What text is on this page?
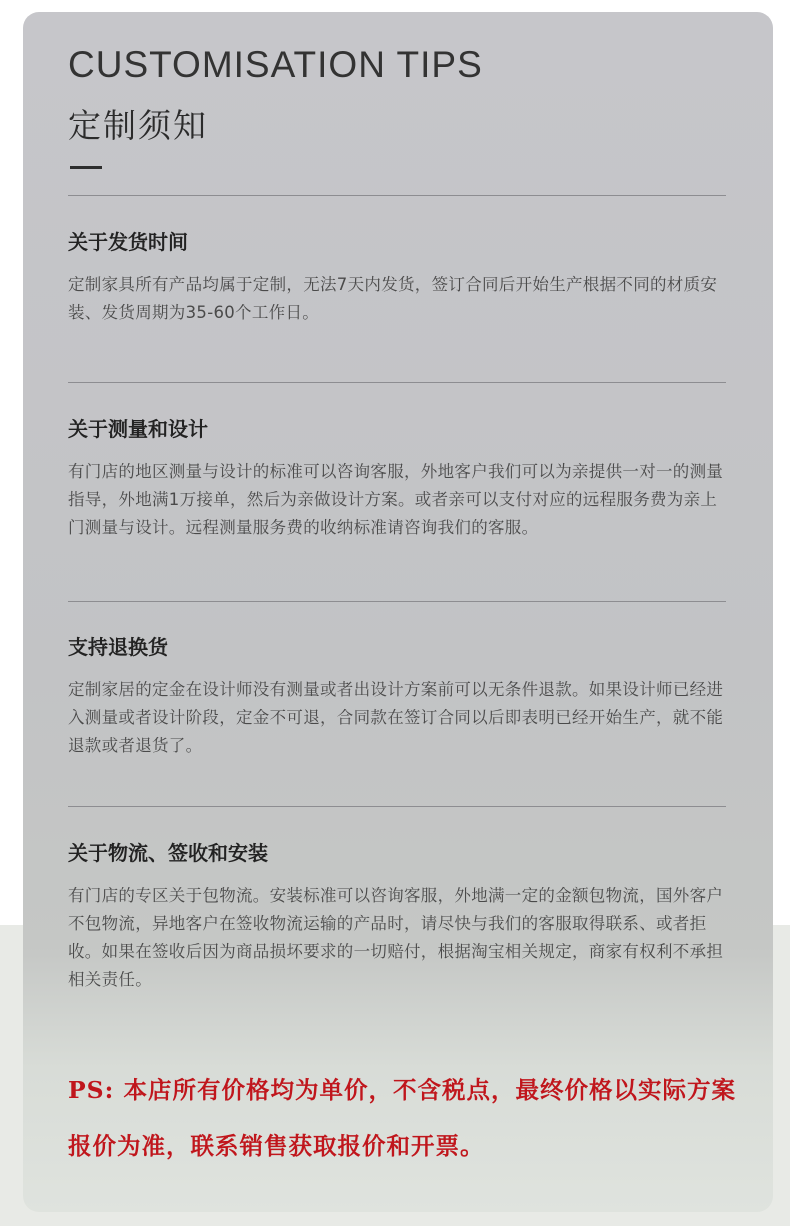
CUSTOMISATION TIPS
定制须知
关于发货时间

定制家具所有产品均属于定制，无法7天内发货，签订合同后开始生产根据不同的材质安装、发货周期为35-60个工作日。

关于测量和设计

有门店的地区测量与设计的标准可以咨询客服，外地客户我们可以为亲提供一对一的测量指导，外地满1万接单，然后为亲做设计方案。或者亲可以支付对应的远程服务费为亲上门测量与设计。远程测量服务费的收纳标准请咨询我们的客服。

支持退换货

定制家居的定金在设计师没有测量或者出设计方案前可以无条件退款。如果设计师已经进入测量或者设计阶段，定金不可退，合同款在签订合同以后即表明已经开始生产，就不能退款或者退货了。

关于物流、签收和安装

有门店的专区关于包物流。安装标准可以咨询客服，外地满一定的金额包物流，国外客户不包物流，异地客户在签收物流运输的产品时，请尽快与我们的客服取得联系、或者拒收。如果在签收后因为商品损坏要求的一切赔付，根据淘宝相关规定，商家有权利不承担相关责任。

PS: 本店所有价格均为单价，不含税点，最终价格以实际方案报价为准，联系销售获取报价和开票。
